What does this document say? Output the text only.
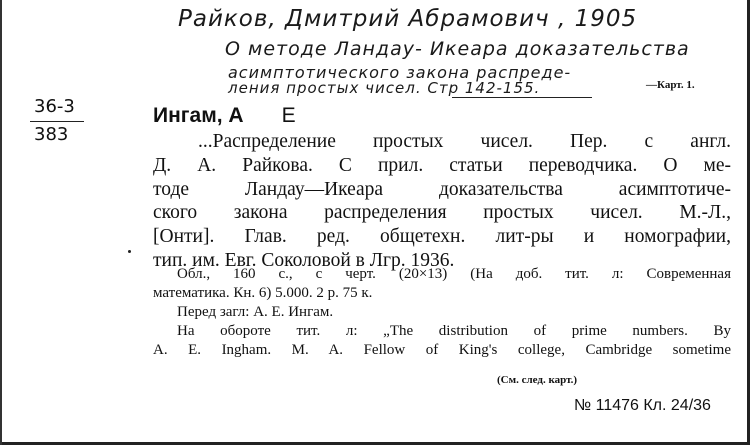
Райков, Дмитрий Абрамович , 1905
О методе Ландау- Икеара доказательства
асимптотического закона распреде-
ления простых чисел. Стр 142-155.	—Карт. 1.
36-3
383
Ингам, А Е
...Распределение простых чисел. Пер. с англ.
Д. А. Райкова. С прил. статьи переводчика. О ме-
тоде Ландау—Икеара доказательства асимптотиче-
ского закона распределения простых чисел. М.-Л.,
[Онти]. Глав. ред. общетехн. лит-ры и номографии,
тип. им. Евг. Соколовой в Лгр. 1936.
Обл., 160 с., с черт. (20×13) (На доб. тит. л: Современная
математика. Кн. 6) 5.000. 2 р. 75 к.
Перед загл: А. Е. Ингам.
На обороте тит. л: „The distribution of prime numbers. By
A. E. Ingham. M. A. Fellow of King's college, Cambridge sometime
(См. след. карт.)
№ 11476 Кл. 24/36
